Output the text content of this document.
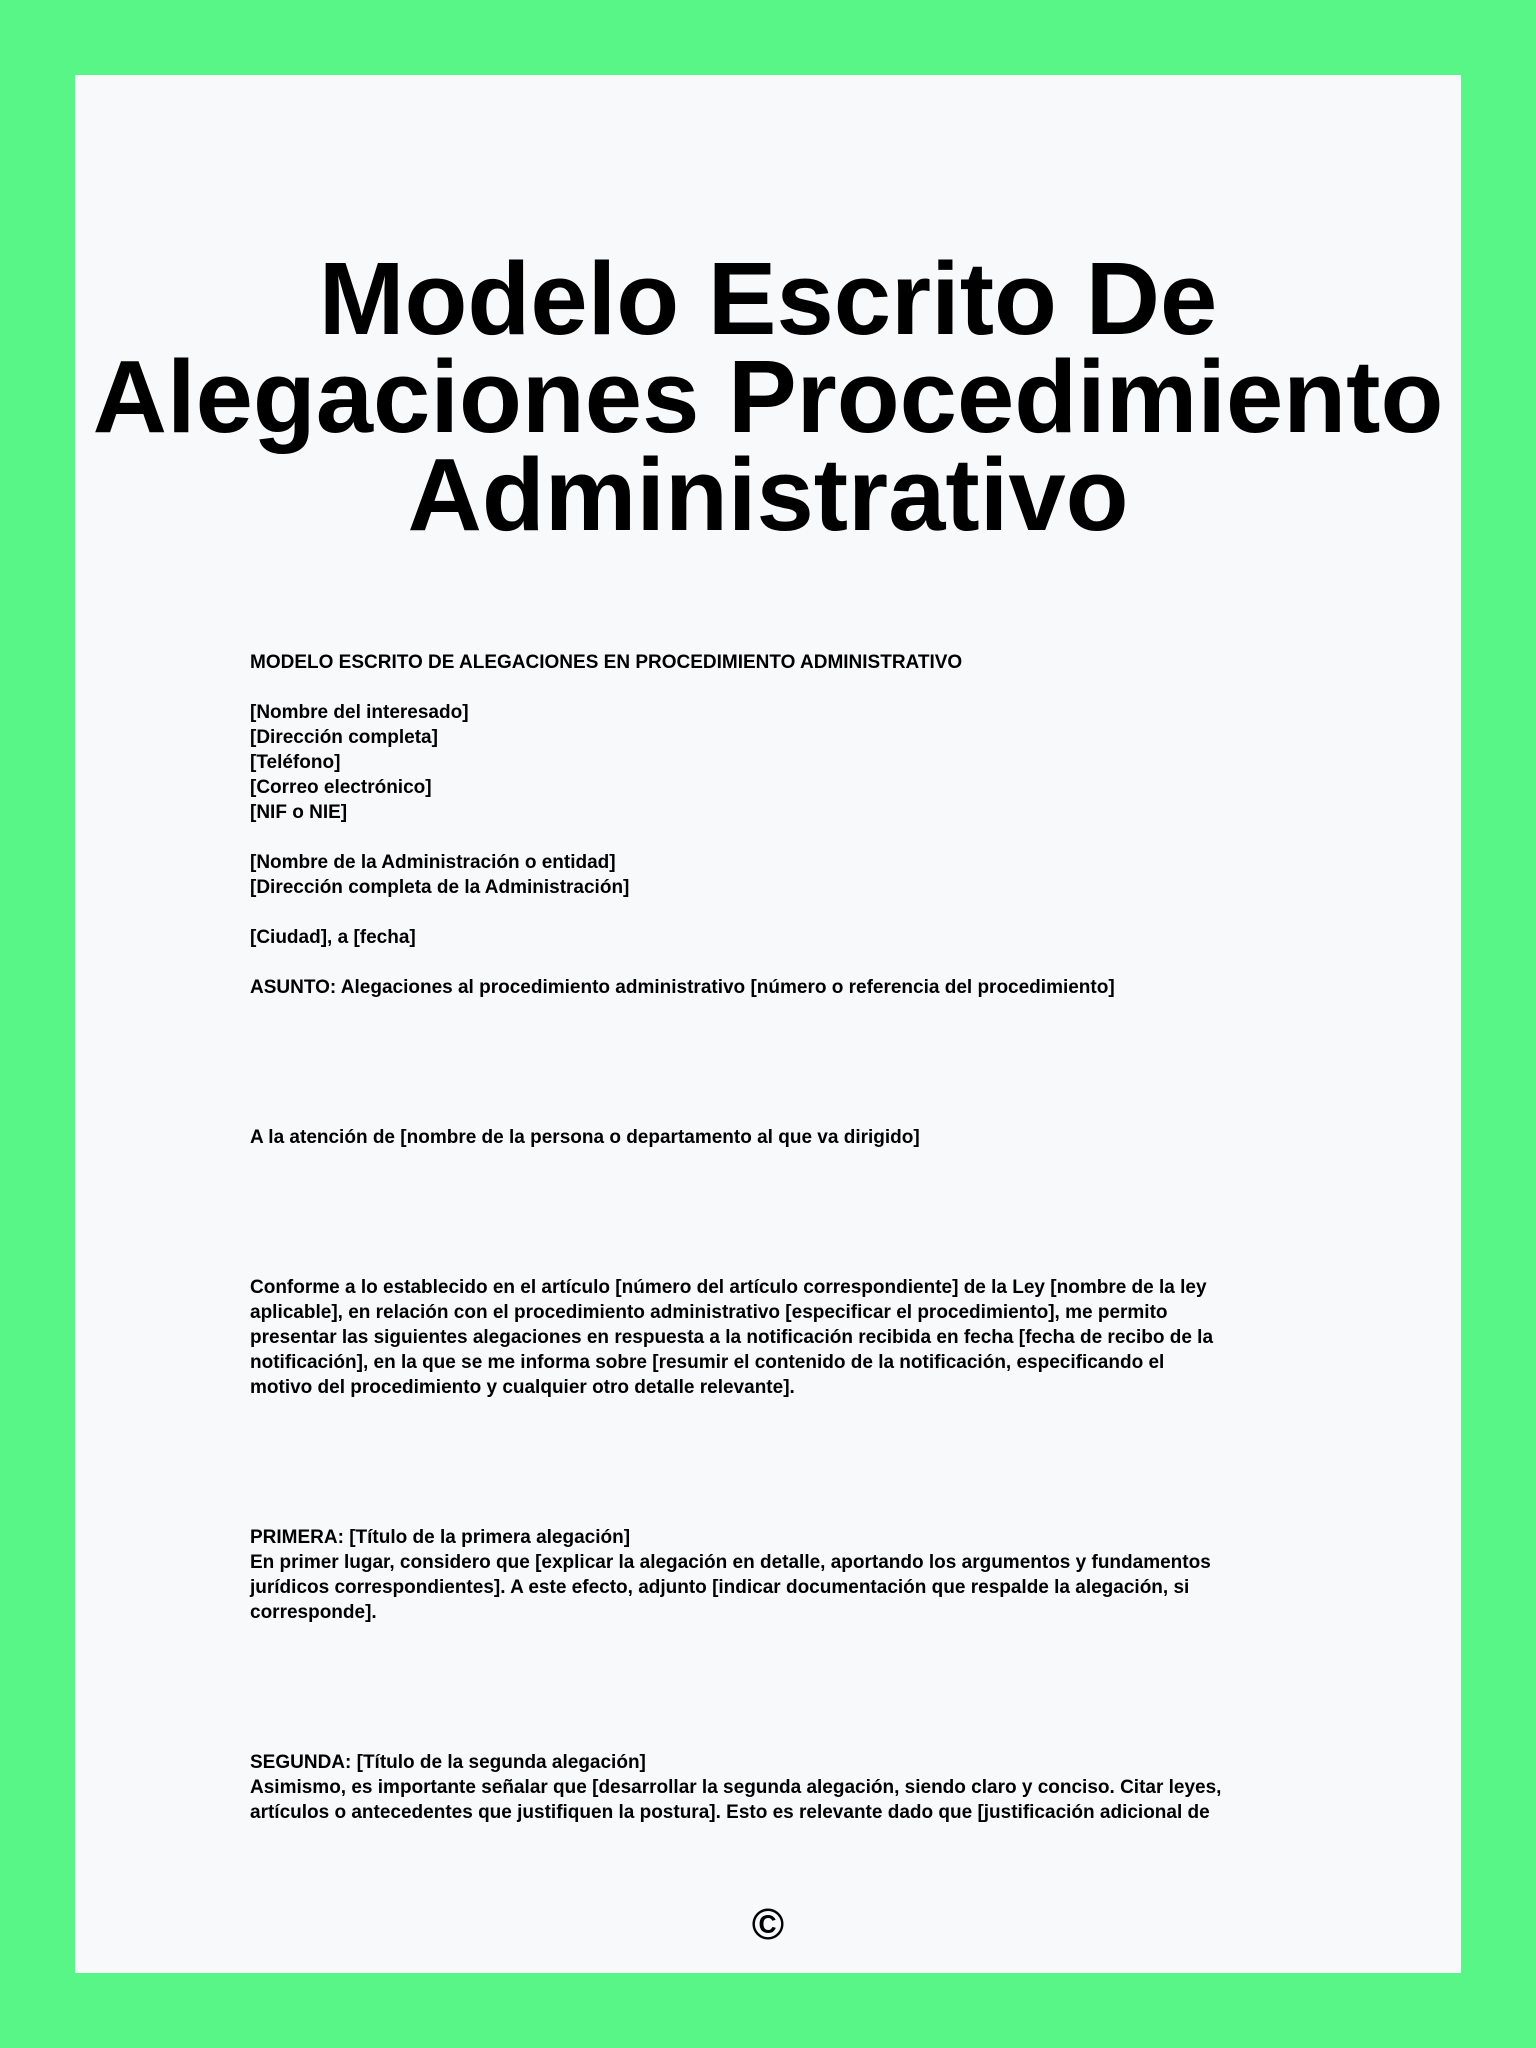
Modelo Escrito De
Alegaciones Procedimiento
Administrativo

MODELO ESCRITO DE ALEGACIONES EN PROCEDIMIENTO ADMINISTRATIVO

[Nombre del interesado]
[Dirección completa]
[Teléfono]
[Correo electrónico]
[NIF o NIE]
[Nombre de la Administración o entidad]
[Dirección completa de la Administración]

[Ciudad], a [fecha]

ASUNTO: Alegaciones al procedimiento administrativo [número o referencia del procedimiento]

A la atención de [nombre de la persona o departamento al que va dirigido]

Conforme a lo establecido en el artículo [número del artículo correspondiente] de la Ley [nombre de la ley
aplicable], en relación con el procedimiento administrativo [especificar el procedimiento], me permito
presentar las siguientes alegaciones en respuesta a la notificación recibida en fecha [fecha de recibo de la
notificación], en la que se me informa sobre [resumir el contenido de la notificación, especificando el
motivo del procedimiento y cualquier otro detalle relevante].
PRIMERA: [Título de la primera alegación]
En primer lugar, considero que [explicar la alegación en detalle, aportando los argumentos y fundamentos
jurídicos correspondientes]. A este efecto, adjunto [indicar documentación que respalde la alegación, si
corresponde].
SEGUNDA: [Título de la segunda alegación]
Asimismo, es importante señalar que [desarrollar la segunda alegación, siendo claro y conciso. Citar leyes,
artículos o antecedentes que justifiquen la postura]. Esto es relevante dado que [justificación adicional de
©
